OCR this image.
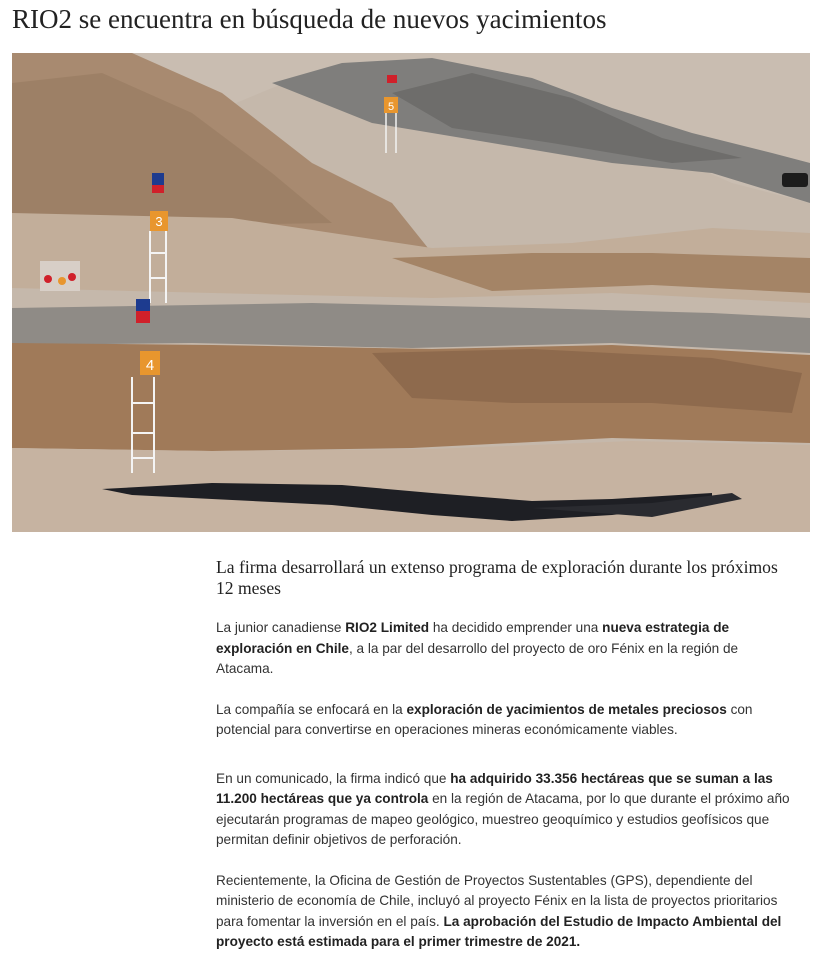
RIO2 se encuentra en búsqueda de nuevos yacimientos
5
3
4
La firma desarrollará un extenso programa de exploración durante los próximos 12 meses

La junior canadiense RIO2 Limited ha decidido emprender una nueva estrategia de exploración en Chile, a la par del desarrollo del proyecto de oro Fénix en la región de Atacama.

La compañía se enfocará en la exploración de yacimientos de metales preciosos con potencial para convertirse en operaciones mineras económicamente viables.

En un comunicado, la firma indicó que ha adquirido 33.356 hectáreas que se suman a las 11.200 hectáreas que ya controla en la región de Atacama, por lo que durante el próximo año ejecutarán programas de mapeo geológico, muestreo geoquímico y estudios geofísicos que permitan definir objetivos de perforación.

Recientemente, la Oficina de Gestión de Proyectos Sustentables (GPS), dependiente del ministerio de economía de Chile, incluyó al proyecto Fénix en la lista de proyectos prioritarios para fomentar la inversión en el país. La aprobación del Estudio de Impacto Ambiental del proyecto está estimada para el primer trimestre de 2021.
